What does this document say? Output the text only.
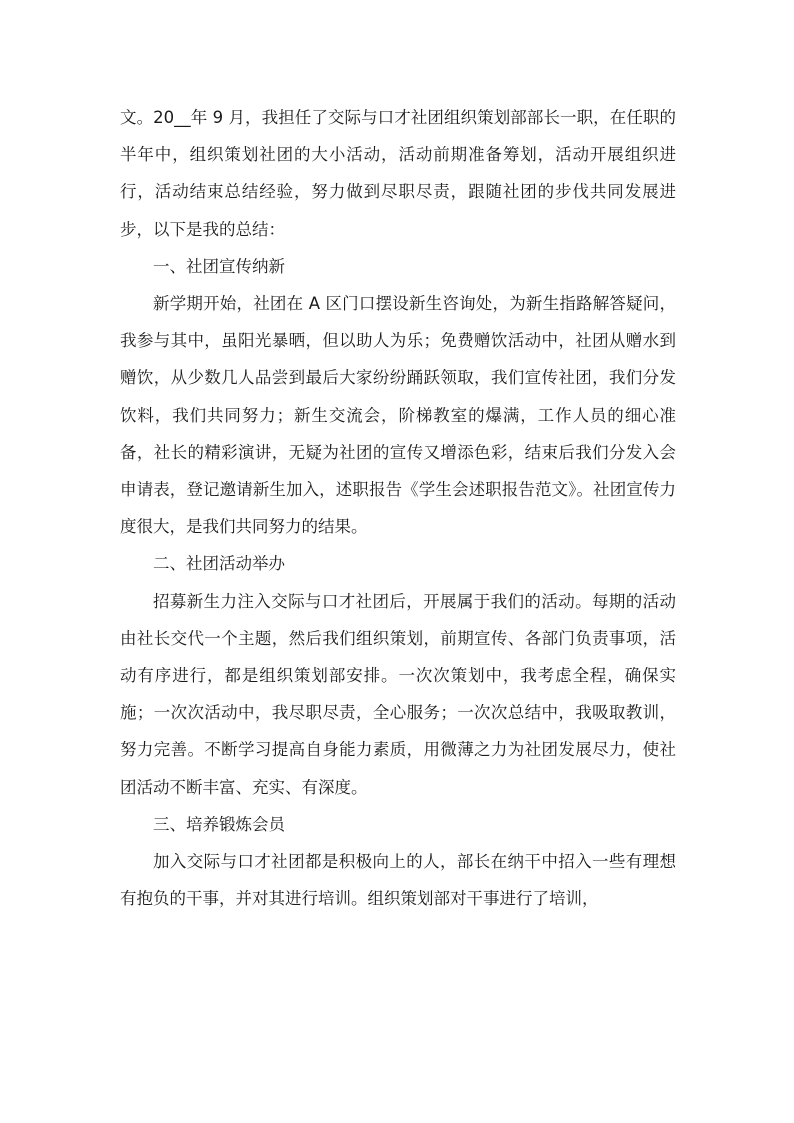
文。20__年 9 月，我担任了交际与口才社团组织策划部部长一职，在任职的半年中，组织策划社团的大小活动，活动前期准备筹划，活动开展组织进行，活动结束总结经验，努力做到尽职尽责，跟随社团的步伐共同发展进步，以下是我的总结：

一、社团宣传纳新

新学期开始，社团在 A 区门口摆设新生咨询处，为新生指路解答疑问，我参与其中，虽阳光暴晒，但以助人为乐；免费赠饮活动中，社团从赠水到赠饮，从少数几人品尝到最后大家纷纷踊跃领取，我们宣传社团，我们分发饮料，我们共同努力；新生交流会，阶梯教室的爆满，工作人员的细心准备，社长的精彩演讲，无疑为社团的宣传又增添色彩，结束后我们分发入会申请表，登记邀请新生加入，述职报告《学生会述职报告范文》。社团宣传力度很大，是我们共同努力的结果。

二、社团活动举办

招募新生力注入交际与口才社团后，开展属于我们的活动。每期的活动由社长交代一个主题，然后我们组织策划，前期宣传、各部门负责事项，活动有序进行，都是组织策划部安排。一次次策划中，我考虑全程，确保实施；一次次活动中，我尽职尽责，全心服务；一次次总结中，我吸取教训，努力完善。不断学习提高自身能力素质，用微薄之力为社团发展尽力，使社团活动不断丰富、充实、有深度。

三、培养锻炼会员

加入交际与口才社团都是积极向上的人，部长在纳干中招入一些有理想有抱负的干事，并对其进行培训。组织策划部对干事进行了培训，
